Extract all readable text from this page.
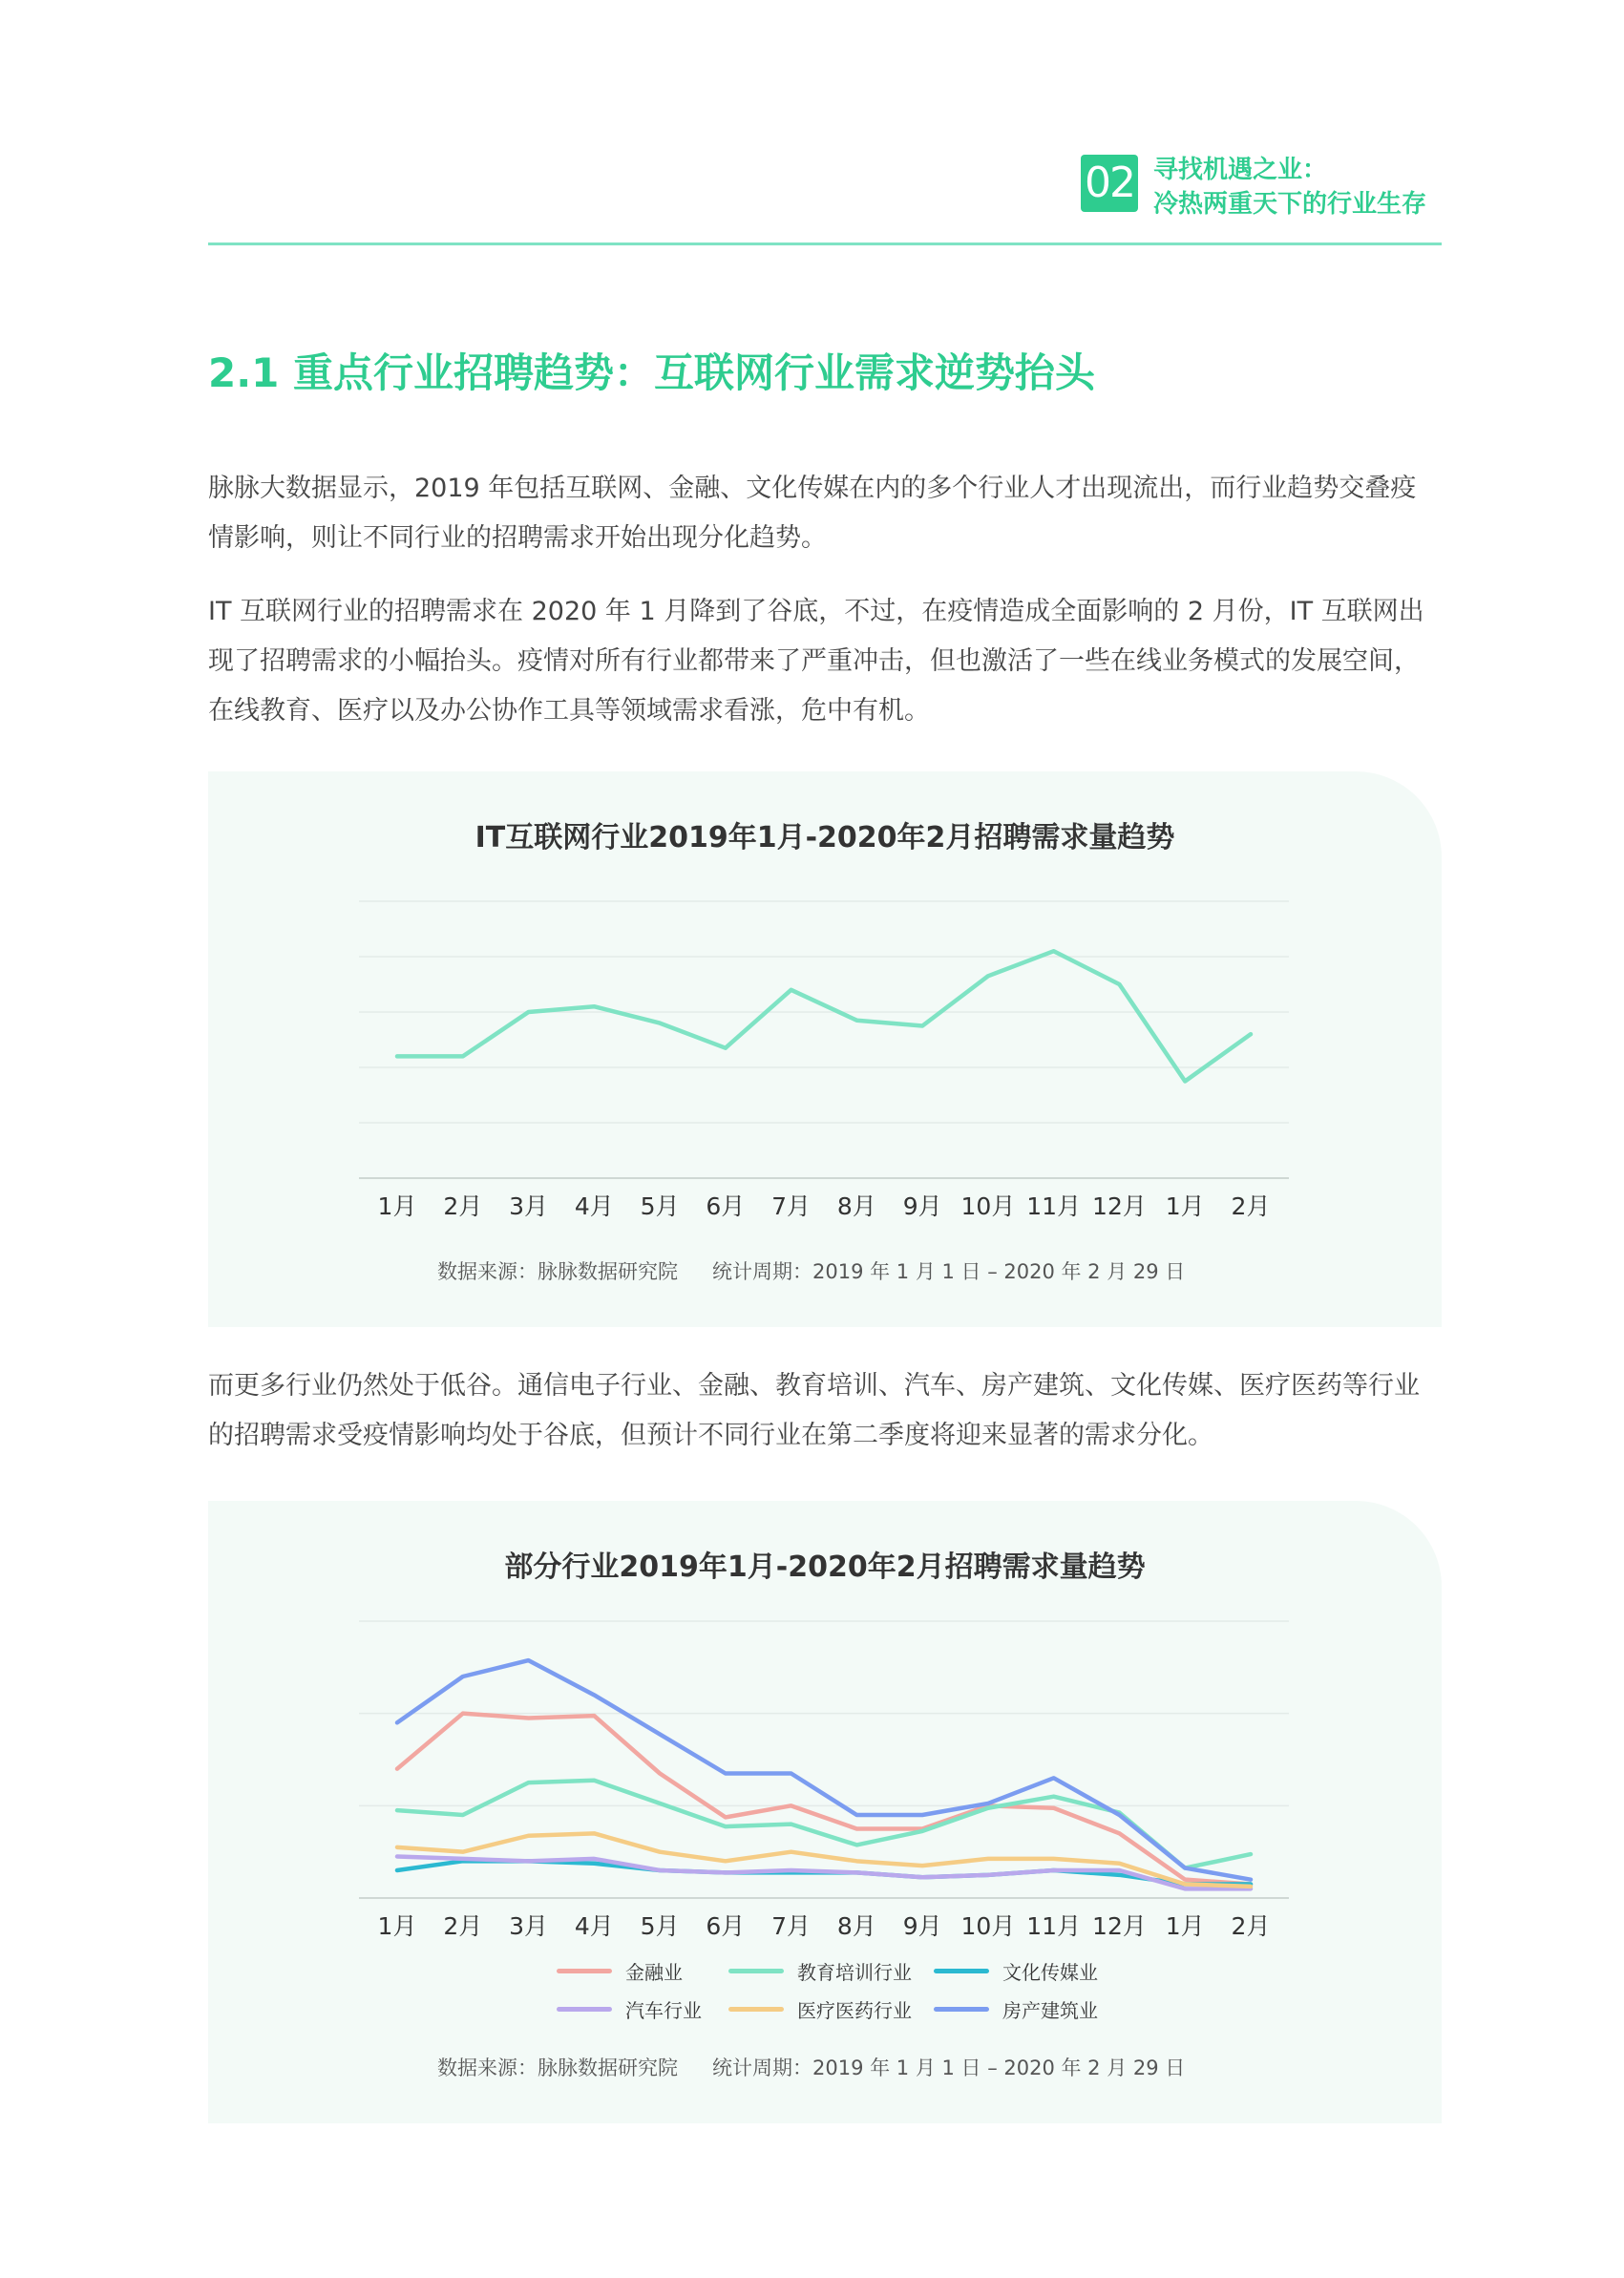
02 寻找机遇之业：
冷热两重天下的行业生存
2.1 重点行业招聘趋势：互联网行业需求逆势抬头
脉脉大数据显示，2019 年包括互联网、金融、文化传媒在内的多个行业人才出现流出，而行业趋势交叠疫情影响，则让不同行业的招聘需求开始出现分化趋势。
IT 互联网行业的招聘需求在 2020 年 1 月降到了谷底，不过，在疫情造成全面影响的 2 月份，IT 互联网出现了招聘需求的小幅抬头。疫情对所有行业都带来了严重冲击，但也激活了一些在线业务模式的发展空间，在线教育、医疗以及办公协作工具等领域需求看涨，危中有机。
IT互联网行业2019年1月-2020年2月招聘需求量趋势
1月 2月 3月 4月 5月 6月 7月 8月 9月 10月 11月 12月 1月 2月
数据来源：脉脉数据研究院 统计周期：2019 年 1 月 1 日 – 2020 年 2 月 29 日
而更多行业仍然处于低谷。通信电子行业、金融、教育培训、汽车、房产建筑、文化传媒、医疗医药等行业的招聘需求受疫情影响均处于谷底，但预计不同行业在第二季度将迎来显著的需求分化。
部分行业2019年1月-2020年2月招聘需求量趋势
1月 2月 3月 4月 5月 6月 7月 8月 9月 10月 11月 12月 1月 2月
金融业	教育培训行业	文化传媒业
汽车行业	医疗医药行业	房产建筑业
数据来源：脉脉数据研究院 统计周期：2019 年 1 月 1 日 – 2020 年 2 月 29 日
